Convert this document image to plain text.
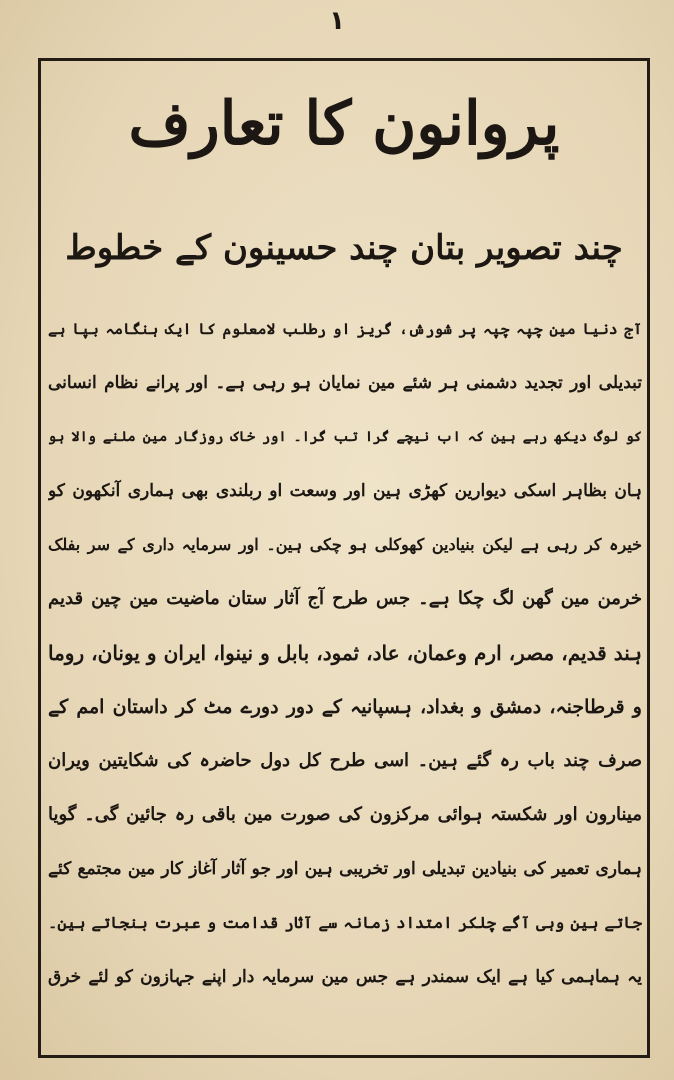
۱
پروانون کا تعارف
چند تصویر بتان چند حسینون کے خطوط
آج دنیا مین چپہ چپہ پر شورش، گریز او رطلب لامعلوم کا ایک ہنگامہ بپا ہے
تبدیلی اور تجدید دشمنی ہر شئے مین نمایان ہو رہی ہے۔ اور پرانے نظام انسانی
کو لوگ دیکھ رہے ہین کہ اب نیچے گرا تب گرا۔ اور خاک روزگار مین ملنے والا ہو
ہان بظاہر اسکی دیوارین کھڑی ہین اور وسعت او ربلندی بھی ہماری آنکھون کو
خیرہ کر رہی ہے لیکن بنیادین کھوکلی ہو چکی ہین۔ اور سرمایہ داری کے سر بفلک
خرمن مین گھن لگ چکا ہے۔ جس طرح آج آثار ستان ماضیت مین چین قدیم
ہند قدیم، مصر، ارم وعمان، عاد، ثمود، بابل و نینوا، ایران و یونان، روما
و قرطاجنہ، دمشق و بغداد، ہسپانیہ کے دور دورے مٹ کر داستان امم کے
صرف چند باب رہ گئے ہین۔ اسی طرح کل دول حاضرہ کی شکایتین ویران
مینارون اور شکستہ ہوائی مرکزون کی صورت مین باقی رہ جائین گی۔ گویا
ہماری تعمیر کی بنیادین تبدیلی اور تخریبی ہین اور جو آثار آغاز کار مین مجتمع کئے
جاتے ہین وہی آگے چلکر امتداد زمانہ سے آثار قدامت و عبرت بنجاتے ہین۔
یہ ہماہمی کیا ہے ایک سمندر ہے جس مین سرمایہ دار اپنے جہازون کو لئے خرق
